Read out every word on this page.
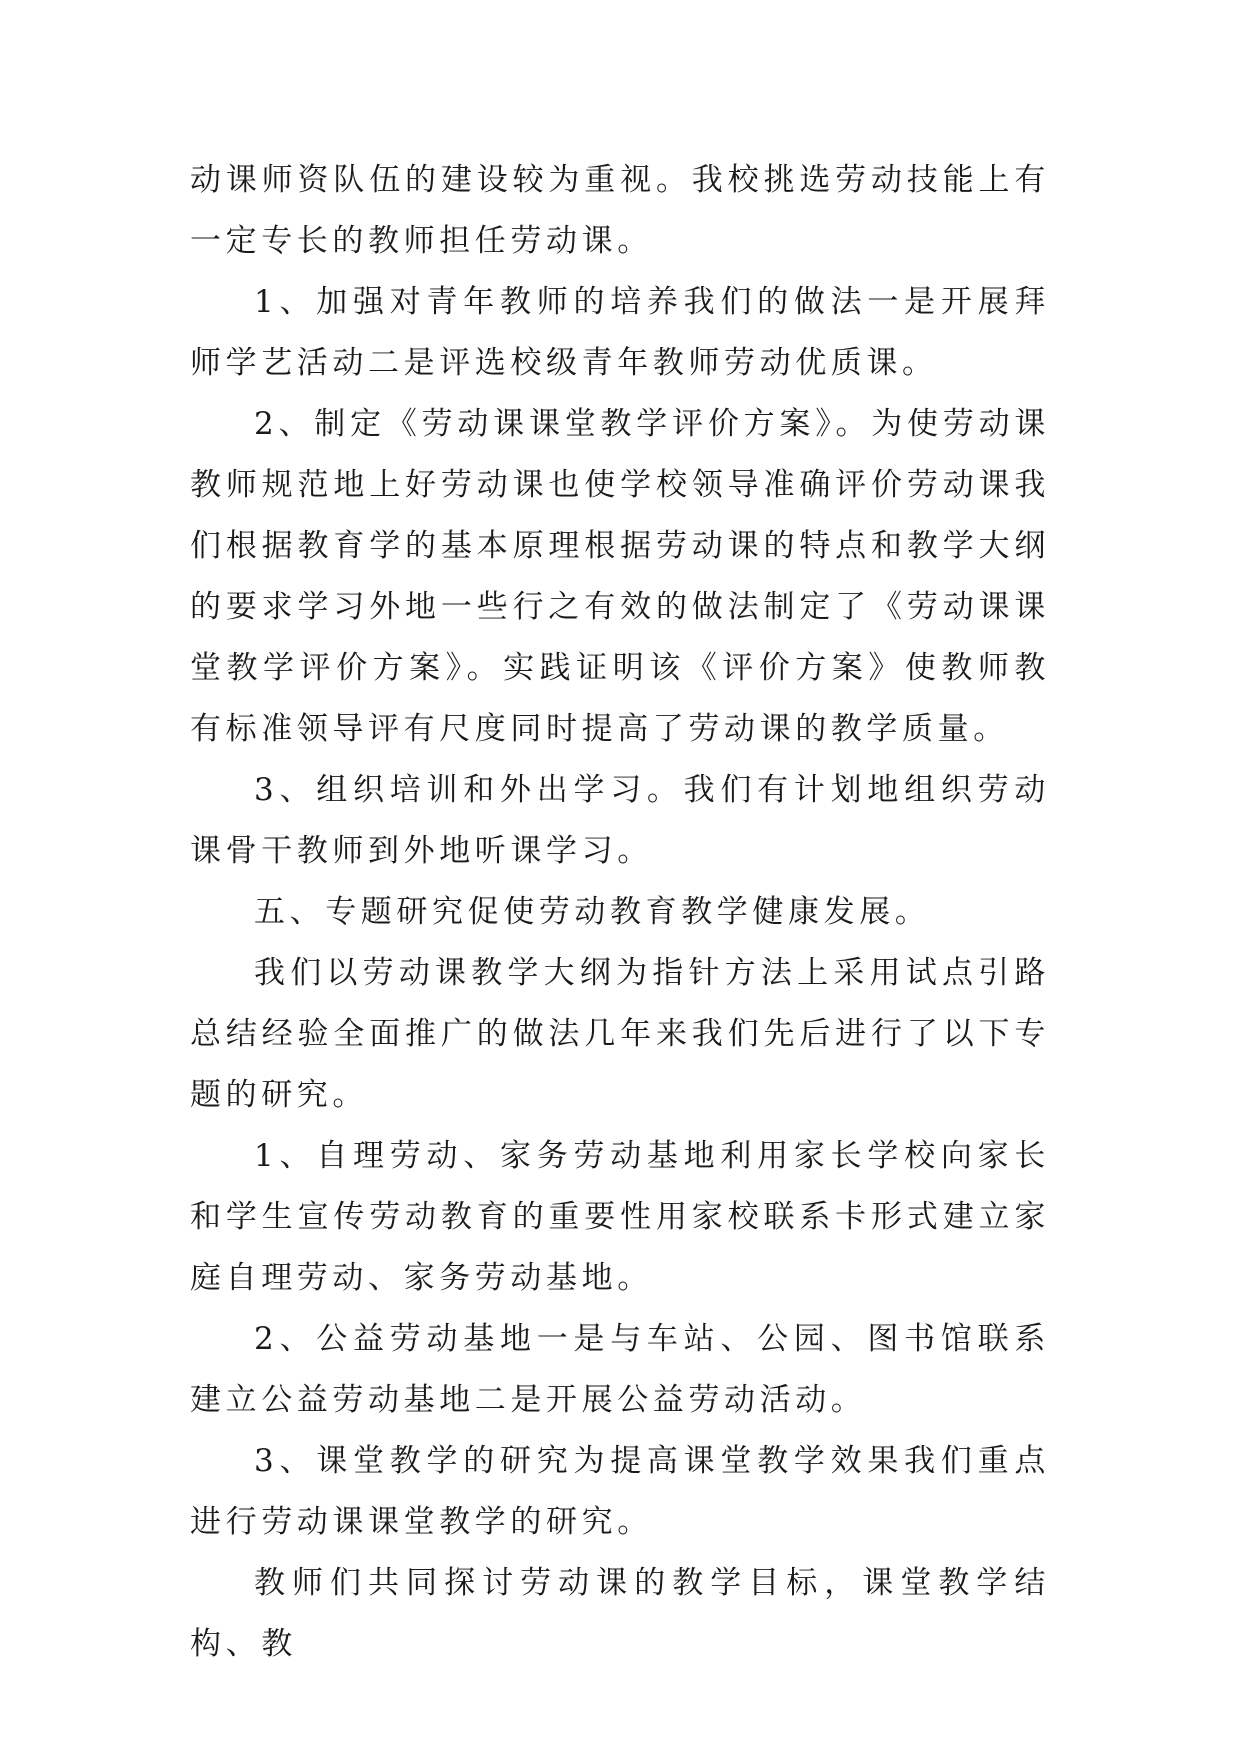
动课师资队伍的建设较为重视。我校挑选劳动技能上有一定专长的教师担任劳动课。

1、加强对青年教师的培养我们的做法一是开展拜师学艺活动二是评选校级青年教师劳动优质课。

2、制定《劳动课课堂教学评价方案》。为使劳动课教师规范地上好劳动课也使学校领导准确评价劳动课我们根据教育学的基本原理根据劳动课的特点和教学大纲的要求学习外地一些行之有效的做法制定了《劳动课课堂教学评价方案》。实践证明该《评价方案》使教师教有标准领导评有尺度同时提高了劳动课的教学质量。

3、组织培训和外出学习。我们有计划地组织劳动课骨干教师到外地听课学习。

五、专题研究促使劳动教育教学健康发展。

我们以劳动课教学大纲为指针方法上采用试点引路总结经验全面推广的做法几年来我们先后进行了以下专题的研究。

1、自理劳动、家务劳动基地利用家长学校向家长和学生宣传劳动教育的重要性用家校联系卡形式建立家庭自理劳动、家务劳动基地。

2、公益劳动基地一是与车站、公园、图书馆联系建立公益劳动基地二是开展公益劳动活动。

3、课堂教学的研究为提高课堂教学效果我们重点进行劳动课课堂教学的研究。

教师们共同探讨劳动课的教学目标，课堂教学结构、教
